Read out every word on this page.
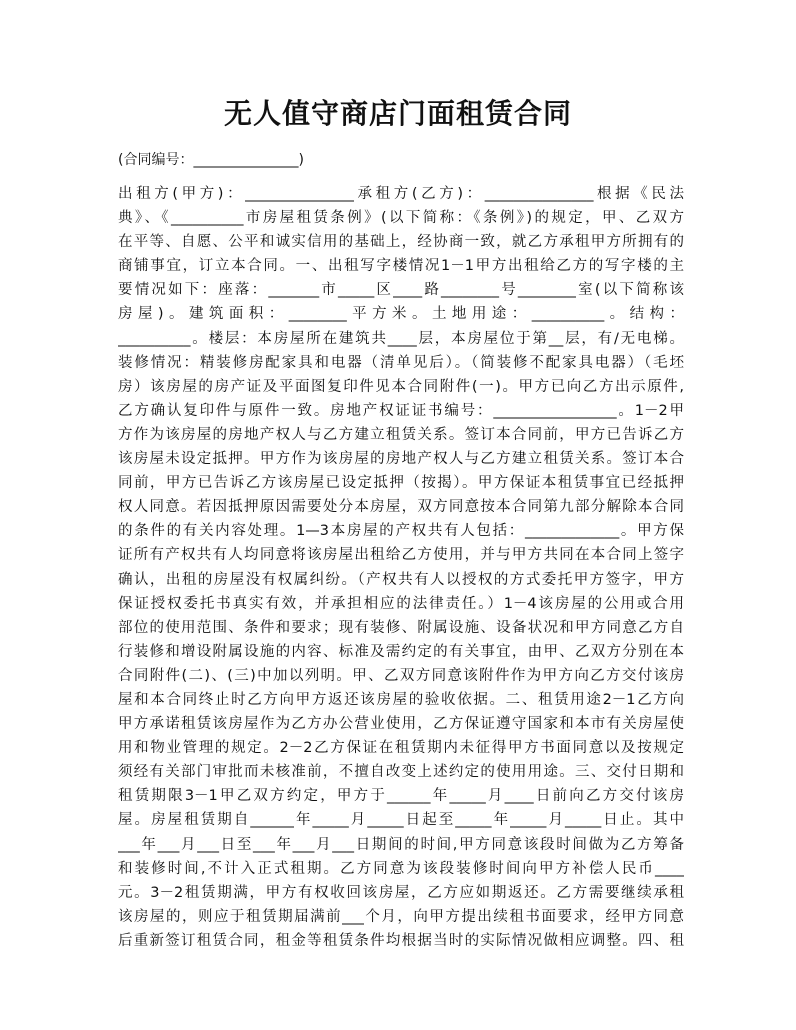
无人值守商店门面租赁合同
(合同编号：_______________)
出租方(甲方)：_______________承租方(乙方)：_______________根据《民法
典》、《__________市房屋租赁条例》(以下简称：《条例》)的规定，甲、乙双方
在平等、自愿、公平和诚实信用的基础上，经协商一致，就乙方承租甲方所拥有的
商铺事宜，订立本合同。一、出租写字楼情况1－1甲方出租给乙方的写字楼的主
要情况如下：座落：_______市_____区____路________号________室(以下简称该
房屋)。建筑面积：________平方米。土地用途：__________。结构：
__________。楼层：本房屋所在建筑共____层，本房屋位于第__层，有/无电梯。
装修情况：精装修房配家具和电器（清单见后）。（简装修不配家具电器）（毛坯
房）该房屋的房产证及平面图复印件见本合同附件(一)。甲方已向乙方出示原件,
乙方确认复印件与原件一致。房地产权证证书编号：_________________。1－2甲
方作为该房屋的房地产权人与乙方建立租赁关系。签订本合同前，甲方已告诉乙方
该房屋未设定抵押。甲方作为该房屋的房地产权人与乙方建立租赁关系。签订本合
同前，甲方已告诉乙方该房屋已设定抵押（按揭）。甲方保证本租赁事宜已经抵押
权人同意。若因抵押原因需要处分本房屋，双方同意按本合同第九部分解除本合同
的条件的有关内容处理。1—3本房屋的产权共有人包括：_____________。甲方保
证所有产权共有人均同意将该房屋出租给乙方使用，并与甲方共同在本合同上签字
确认，出租的房屋没有权属纠纷。（产权共有人以授权的方式委托甲方签字，甲方
保证授权委托书真实有效，并承担相应的法律责任。）1－4该房屋的公用或合用
部位的使用范围、条件和要求；现有装修、附属设施、设备状况和甲方同意乙方自
行装修和增设附属设施的内容、标准及需约定的有关事宜，由甲、乙双方分别在本
合同附件(二)、(三)中加以列明。甲、乙双方同意该附件作为甲方向乙方交付该房
屋和本合同终止时乙方向甲方返还该房屋的验收依据。二、租赁用途2－1乙方向
甲方承诺租赁该房屋作为乙方办公营业使用，乙方保证遵守国家和本市有关房屋使
用和物业管理的规定。2－2乙方保证在租赁期内未征得甲方书面同意以及按规定
须经有关部门审批而未核准前，不擅自改变上述约定的使用用途。三、交付日期和
租赁期限3－1甲乙双方约定，甲方于______年_____月____日前向乙方交付该房
屋。房屋租赁期自______年_____月_____日起至_____年_____月_____日止。其中
___年___月___日至___年___月___日期间的时间,甲方同意该段时间做为乙方筹备
和装修时间,不计入正式租期。乙方同意为该段装修时间向甲方补偿人民币____
元。3－2租赁期满，甲方有权收回该房屋，乙方应如期返还。乙方需要继续承租
该房屋的，则应于租赁期届满前___个月，向甲方提出续租书面要求，经甲方同意
后重新签订租赁合同，租金等租赁条件均根据当时的实际情况做相应调整。四、租
